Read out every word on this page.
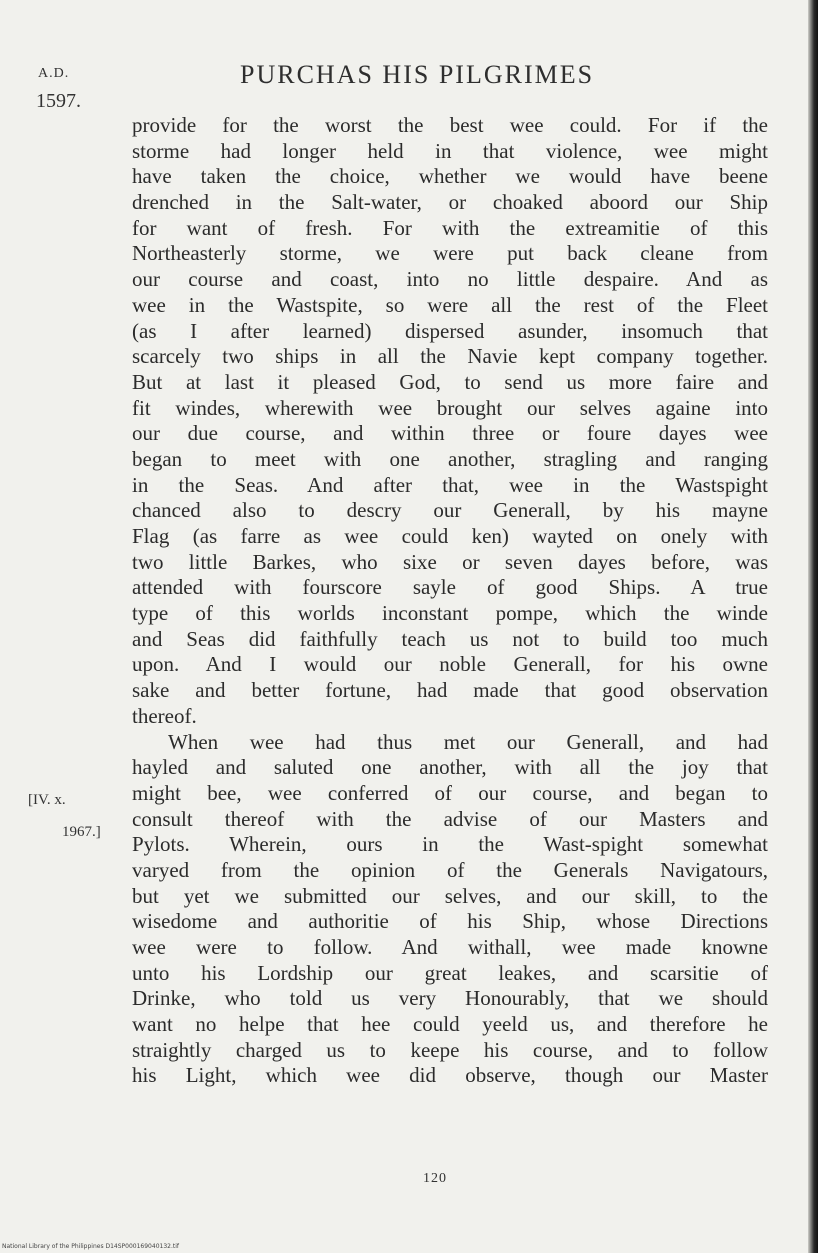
A.D.
1597.
PURCHAS HIS PILGRIMES
[IV. x.
1967.]
provide for the worst the best wee could. For if the
storme had longer held in that violence, wee might
have taken the choice, whether we would have beene
drenched in the Salt-water, or choaked aboord our Ship
for want of fresh. For with the extreamitie of this
Northeasterly storme, we were put back cleane from
our course and coast, into no little despaire. And as
wee in the Wastspite, so were all the rest of the Fleet
(as I after learned) dispersed asunder, insomuch that
scarcely two ships in all the Navie kept company together.
But at last it pleased God, to send us more faire and
fit windes, wherewith wee brought our selves againe into
our due course, and within three or foure dayes wee
began to meet with one another, stragling and ranging
in the Seas. And after that, wee in the Wastspight
chanced also to descry our Generall, by his mayne
Flag (as farre as wee could ken) wayted on onely with
two little Barkes, who sixe or seven dayes before, was
attended with fourscore sayle of good Ships. A true
type of this worlds inconstant pompe, which the winde
and Seas did faithfully teach us not to build too much
upon. And I would our noble Generall, for his owne
sake and better fortune, had made that good observation
thereof.
When wee had thus met our Generall, and had
hayled and saluted one another, with all the joy that
might bee, wee conferred of our course, and began to
consult thereof with the advise of our Masters and
Pylots. Wherein, ours in the Wast-spight somewhat
varyed from the opinion of the Generals Navigatours,
but yet we submitted our selves, and our skill, to the
wisedome and authoritie of his Ship, whose Directions
wee were to follow. And withall, wee made knowne
unto his Lordship our great leakes, and scarsitie of
Drinke, who told us very Honourably, that we should
want no helpe that hee could yeeld us, and therefore he
straightly charged us to keepe his course, and to follow
his Light, which wee did observe, though our Master
120
National Library of the Philippines D14SP000169040132.tif
